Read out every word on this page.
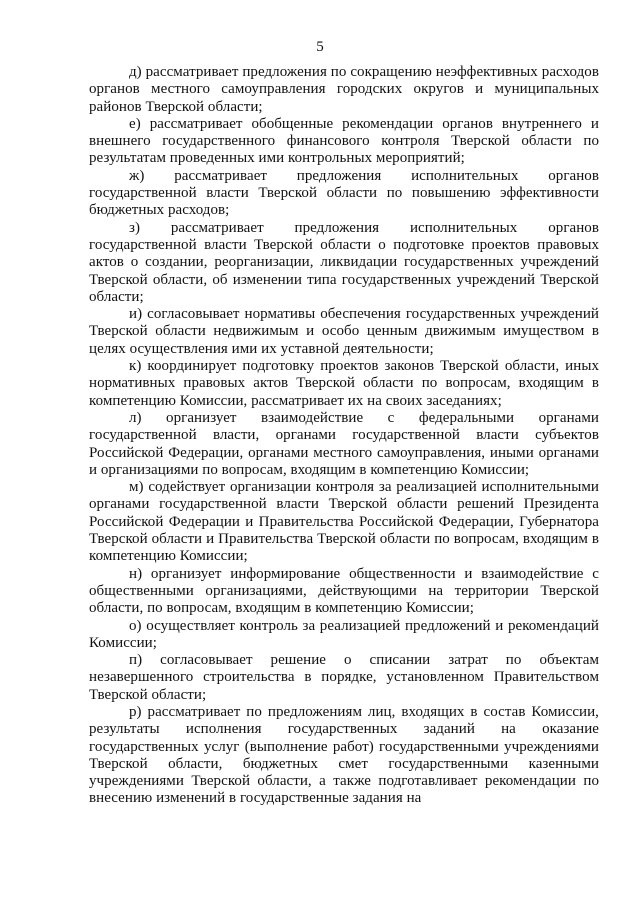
5

д) рассматривает предложения по сокращению неэффективных расходов органов местного самоуправления городских округов и муниципальных районов Тверской области;

е) рассматривает обобщенные рекомендации органов внутреннего и внешнего государственного финансового контроля Тверской области по результатам проведенных ими контрольных мероприятий;

ж) рассматривает предложения исполнительных органов государственной власти Тверской области по повышению эффективности бюджетных расходов;

з) рассматривает предложения исполнительных органов государственной власти Тверской области о подготовке проектов правовых актов о создании, реорганизации, ликвидации государственных учреждений Тверской области, об изменении типа государственных учреждений Тверской области;

и) согласовывает нормативы обеспечения государственных учреждений Тверской области недвижимым и особо ценным движимым имуществом в целях осуществления ими их уставной деятельности;

к) координирует подготовку проектов законов Тверской области, иных нормативных правовых актов Тверской области по вопросам, входящим в компетенцию Комиссии, рассматривает их на своих заседаниях;

л) организует взаимодействие с федеральными органами государственной власти, органами государственной власти субъектов Российской Федерации, органами местного самоуправления, иными органами и организациями по вопросам, входящим в компетенцию Комиссии;

м) содействует организации контроля за реализацией исполнительными органами государственной власти Тверской области решений Президента Российской Федерации и Правительства Российской Федерации, Губернатора Тверской области и Правительства Тверской области по вопросам, входящим в компетенцию Комиссии;

н) организует информирование общественности и взаимодействие с общественными организациями, действующими на территории Тверской области, по вопросам, входящим в компетенцию Комиссии;

о) осуществляет контроль за реализацией предложений и рекомендаций Комиссии;

п) согласовывает решение о списании затрат по объектам незавершенного строительства в порядке, установленном Правительством Тверской области;

р) рассматривает по предложениям лиц, входящих в состав Комиссии, результаты исполнения государственных заданий на оказание государственных услуг (выполнение работ) государственными учреждениями Тверской области, бюджетных смет государственными казенными учреждениями Тверской области, а также подготавливает рекомендации по внесению изменений в государственные задания на
